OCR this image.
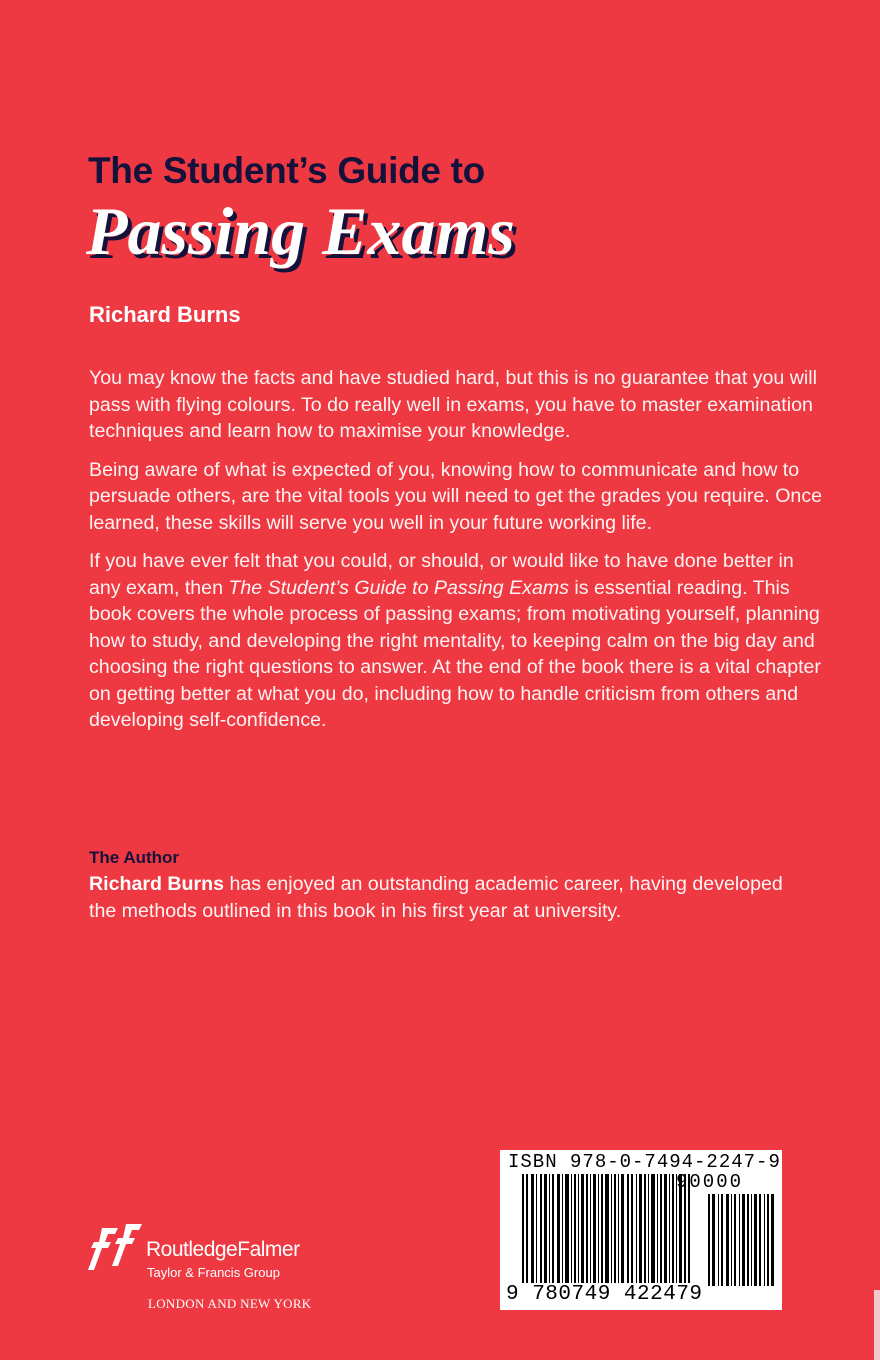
The Student’s Guide to
Passing Exams
Richard Burns

You may know the facts and have studied hard, but this is no guarantee that you will pass with flying colours. To do really well in exams, you have to master examination techniques and learn how to maximise your knowledge.

Being aware of what is expected of you, knowing how to communicate and how to persuade others, are the vital tools you will need to get the grades you require. Once learned, these skills will serve you well in your future working life.

If you have ever felt that you could, or should, or would like to have done better in any exam, then The Student’s Guide to Passing Exams is essential reading. This book covers the whole process of passing exams; from motivating yourself, planning how to study, and developing the right mentality, to keeping calm on the big day and choosing the right questions to answer. At the end of the book there is a vital chapter on getting better at what you do, including how to handle criticism from others and developing self-confidence.

The Author
Richard Burns has enjoyed an outstanding academic career, having developed the methods outlined in this book in his first year at university.
RoutledgeFalmer
Taylor & Francis Group
LONDON AND NEW YORK
ISBN 978-0-7494-2247-9
90000
9 780749 422479
